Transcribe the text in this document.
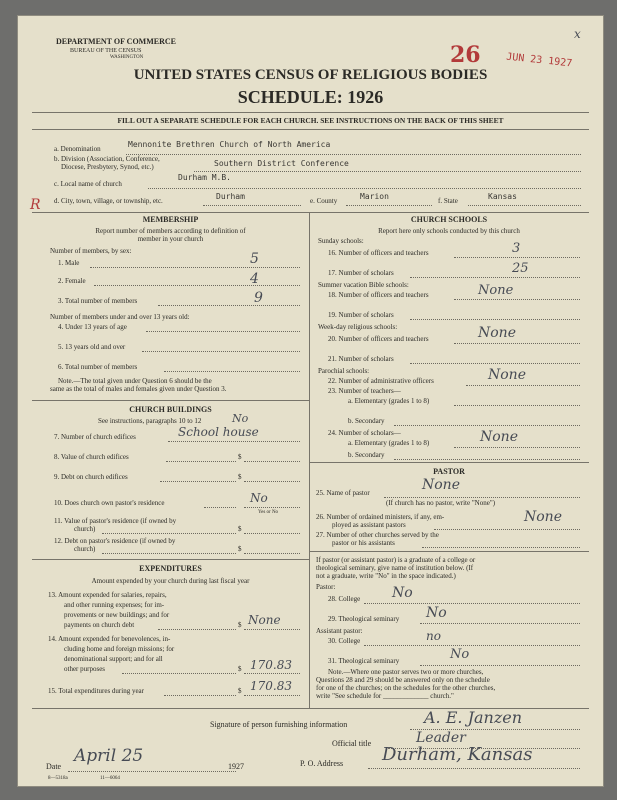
DEPARTMENT OF COMMERCE
BUREAU OF THE CENSUS
WASHINGTON
UNITED STATES CENSUS OF RELIGIOUS BODIES
SCHEDULE: 1926
FILL OUT A SEPARATE SCHEDULE FOR EACH CHURCH. SEE INSTRUCTIONS ON THE BACK OF THIS SHEET
26	JUN 23 1927
x
R
a. Denomination	Mennonite Brethren Church of North America
b. Division (Association, Conference,
Diocese, Presbytery, Synod, etc.)	Southern District Conference
c. Local name of church
Durham M.B.
d. City, town, village, or township, etc.	Durham	e. County	Marion	f. State	Kansas
MEMBERSHIP
Report number of members according to definition of
member in your church
Number of members, by sex:
1. Male	5
2. Female	4
3. Total number of members	9
Number of members under and over 13 years old:
4. Under 13 years of age
5. 13 years old and over
6. Total number of members
Note.—The total given under Question 6 should be the
same as the total of males and females given under Question 3.
CHURCH BUILDINGS
See instructions, paragraphs 10 to 12	No
7. Number of church edifices	School house
8. Value of church edifices	$
9. Debt on church edifices	$
10. Does church own pastor's residence	No
Yes or No
11. Value of pastor's residence (if owned by
church)	$
12. Debt on pastor's residence (if owned by
church)	$
EXPENDITURES
Amount expended by your church during last fiscal year
13. Amount expended for salaries, repairs,
and other running expenses; for im-
provements or new buildings; and for
payments on church debt	$ None
14. Amount expended for benevolences, in-
cluding home and foreign missions; for
denominational support; and for all
other purposes	$ 170.83
15. Total expenditures during year	$ 170.83
CHURCH SCHOOLS
Report here only schools conducted by this church
Sunday schools:
16. Number of officers and teachers	3
17. Number of scholars	25
Summer vacation Bible schools:
18. Number of officers and teachers	None
19. Number of scholars
Week-day religious schools:
20. Number of officers and teachers	None
21. Number of scholars
Parochial schools:
22. Number of administrative officers	None
23. Number of teachers—
a. Elementary (grades 1 to 8)
b. Secondary
24. Number of scholars—
a. Elementary (grades 1 to 8)	None
b. Secondary
PASTOR
25. Name of pastor	None
(If church has no pastor, write "None")
26. Number of ordained ministers, if any, em-
ployed as assistant pastors	None
27. Number of other churches served by the
pastor or his assistants
If pastor (or assistant pastor) is a graduate of a college or
theological seminary, give name of institution below. (If
not a graduate, write "No" in the space indicated.)
Pastor:
28. College No
29. Theological seminary No
Assistant pastor:
30. College	no
31. Theological seminary	No
Note.—Where one pastor serves two or more churches,
Questions 28 and 29 should be answered only on the schedule
for one of the churches; on the schedules for the other churches,
write "See schedule for _____________ church."
Signature of person furnishing information	A. E. Janzen
Official title	Leader
Date
April 25
1927	P. O. Address Durham, Kansas
8—5318a	11—6064
